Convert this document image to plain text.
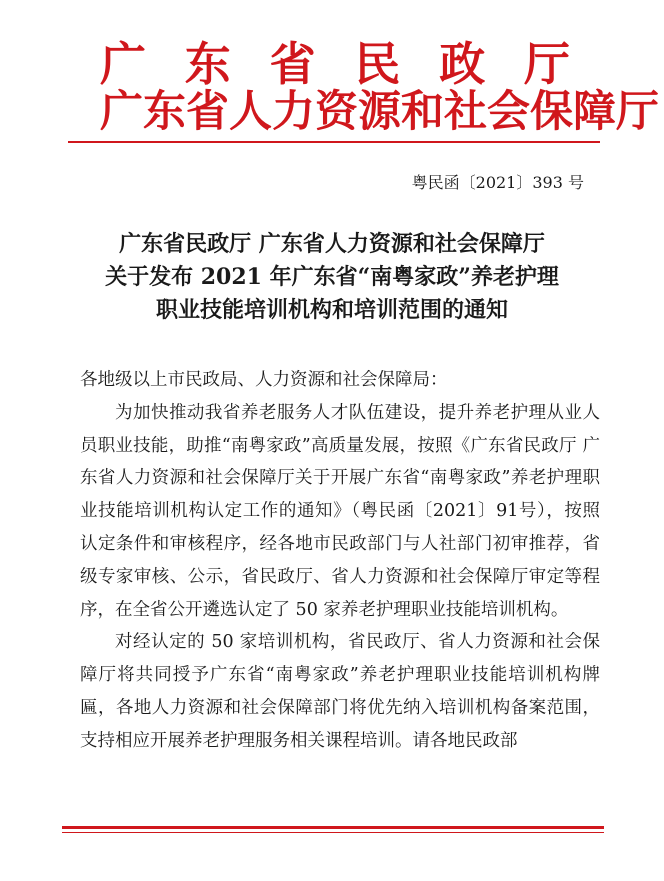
广 东 省 民 政 厅
广东省人力资源和社会保障厅
粤民函〔2021〕393 号
广东省民政厅 广东省人力资源和社会保障厅
关于发布 2021 年广东省“南粤家政”养老护理
职业技能培训机构和培训范围的通知

各地级以上市民政局、人力资源和社会保障局：

为加快推动我省养老服务人才队伍建设，提升养老护理从业人员职业技能，助推“南粤家政”高质量发展，按照《广东省民政厅 广东省人力资源和社会保障厅关于开展广东省“南粤家政”养老护理职业技能培训机构认定工作的通知》（粤民函〔2021〕91号），按照认定条件和审核程序，经各地市民政部门与人社部门初审推荐，省级专家审核、公示，省民政厅、省人力资源和社会保障厅审定等程序，在全省公开遴选认定了 50 家养老护理职业技能培训机构。

对经认定的 50 家培训机构，省民政厅、省人力资源和社会保障厅将共同授予广东省“南粤家政”养老护理职业技能培训机构牌匾，各地人力资源和社会保障部门将优先纳入培训机构备案范围，支持相应开展养老护理服务相关课程培训。请各地民政部
